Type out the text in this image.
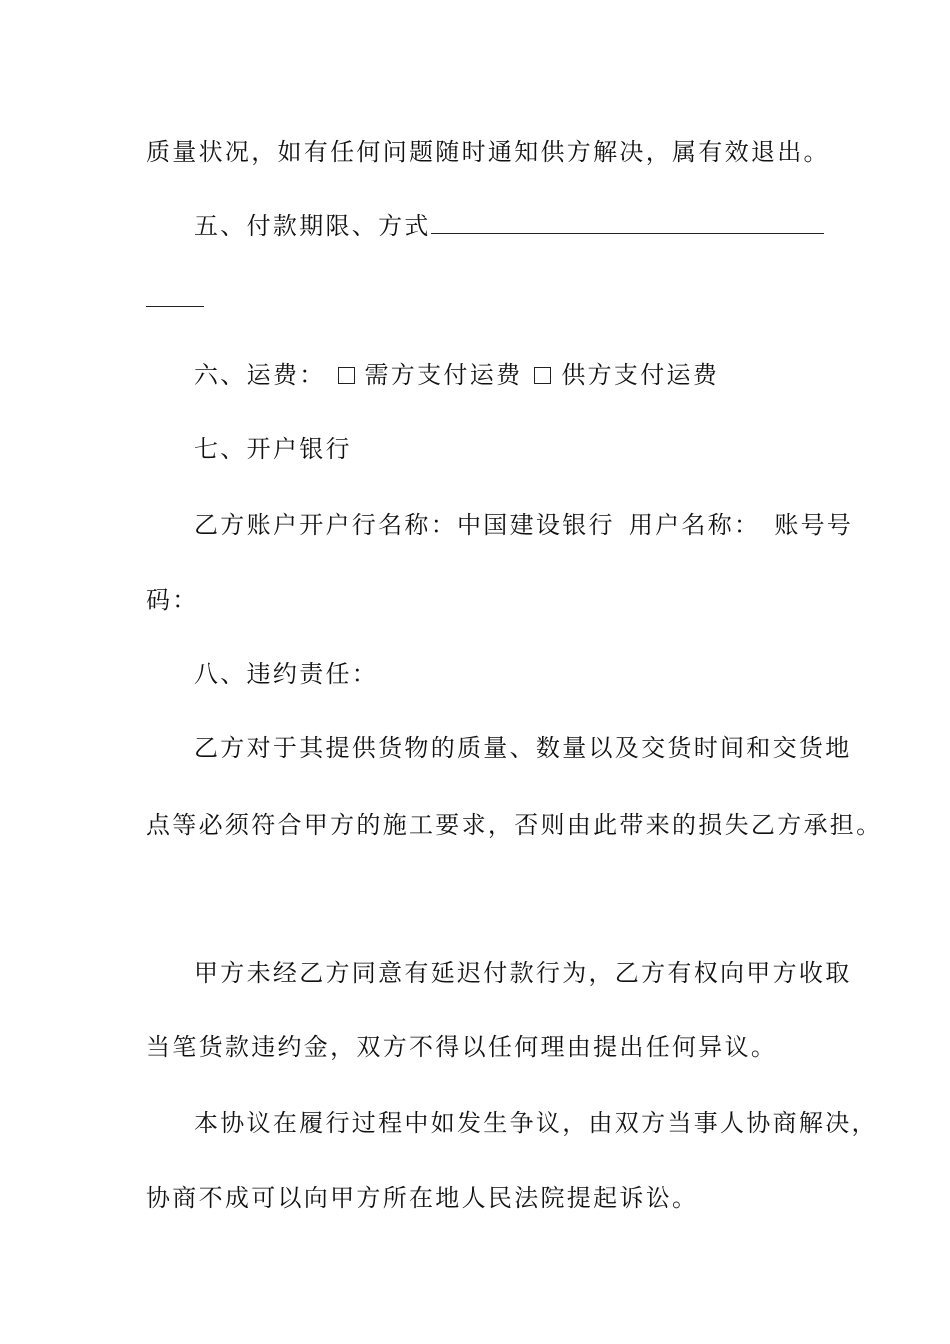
质量状况，如有任何问题随时通知供方解决，属有效退出。
五、付款期限、方式
六、运费： 需方支付运费 供方支付运费
七、开户银行
乙方账户开户行名称：中国建设银行 用户名称： 账号号
码：
八、违约责任：
乙方对于其提供货物的质量、数量以及交货时间和交货地
点等必须符合甲方的施工要求，否则由此带来的损失乙方承担。
甲方未经乙方同意有延迟付款行为，乙方有权向甲方收取
当笔货款违约金，双方不得以任何理由提出任何异议。
本协议在履行过程中如发生争议，由双方当事人协商解决，
协商不成可以向甲方所在地人民法院提起诉讼。
